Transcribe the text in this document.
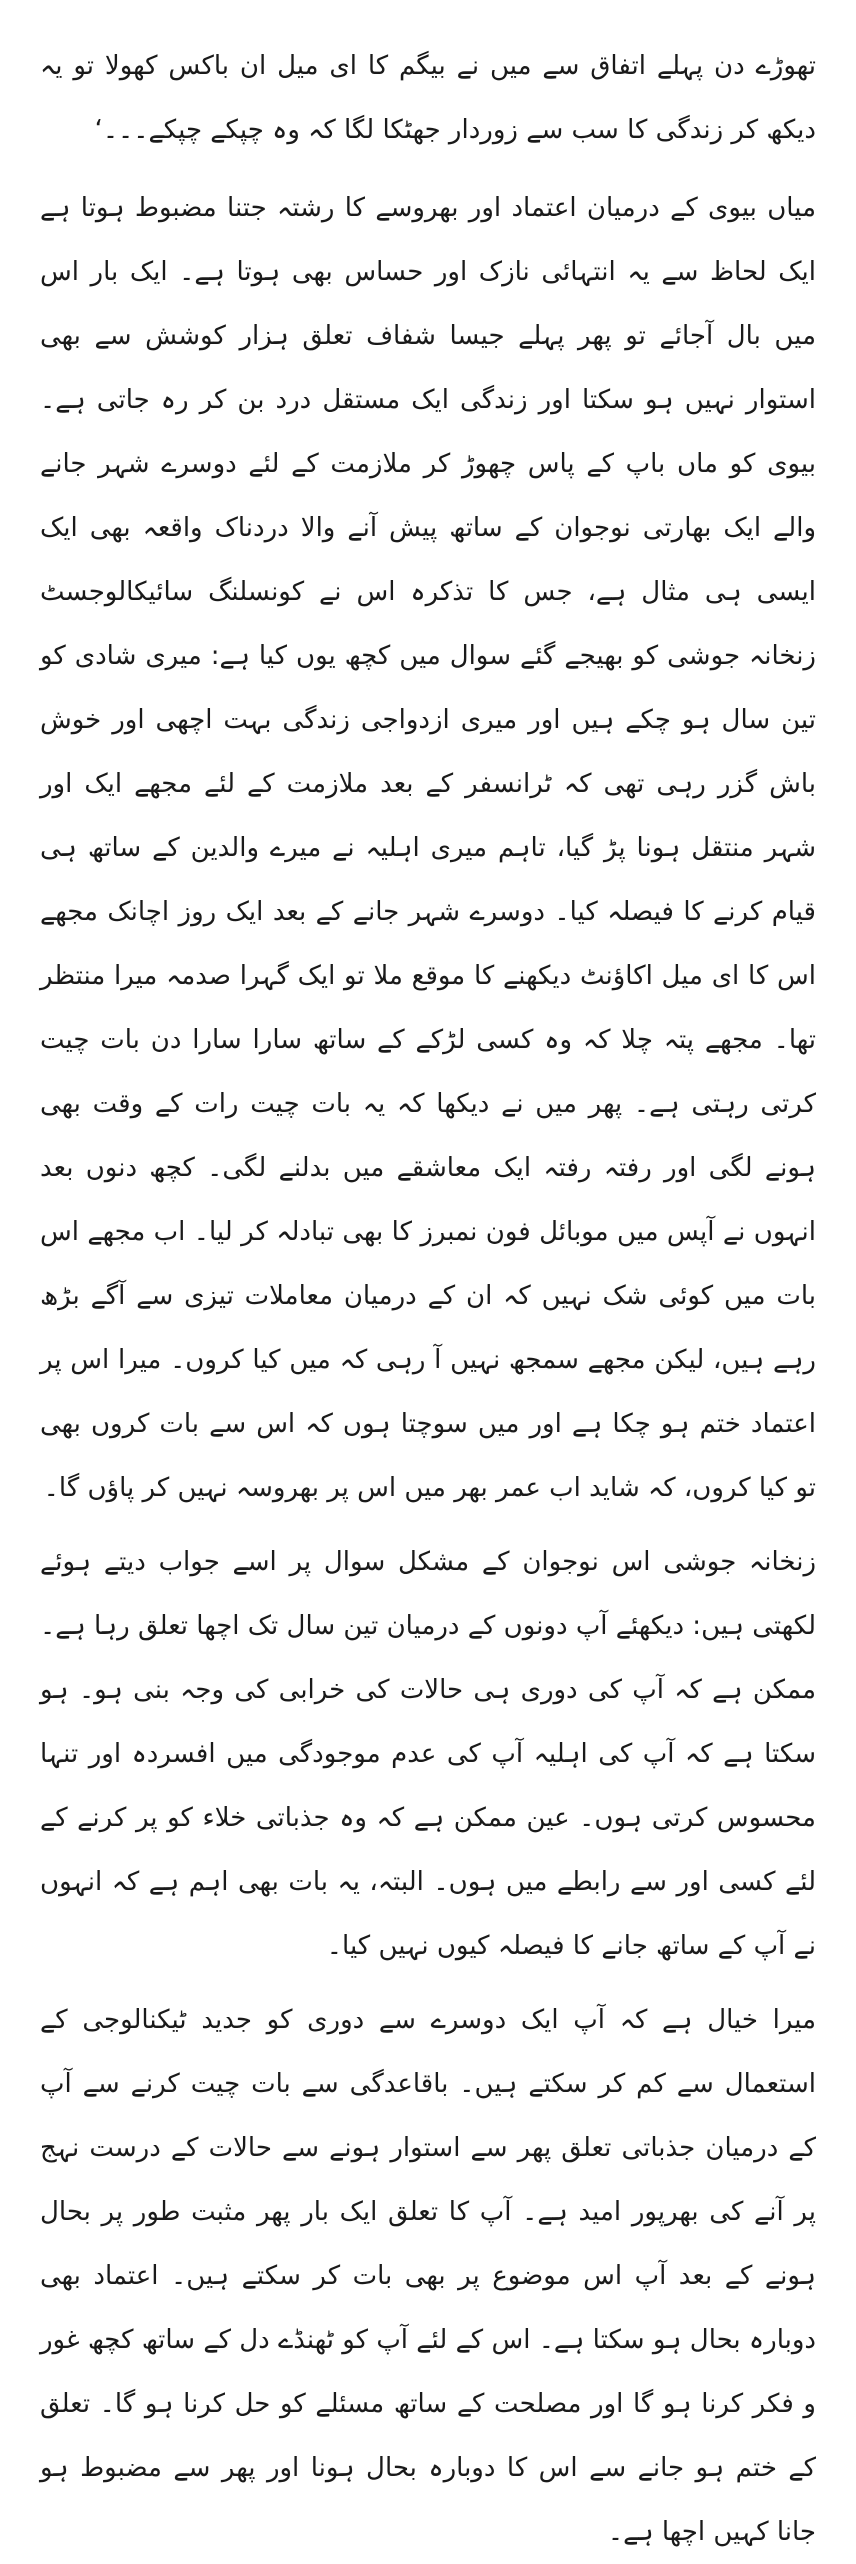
تھوڑے دن پہلے اتفاق سے میں نے بیگم کا ای میل ان باکس کھولا تو یہ دیکھ کر زندگی کا سب سے زوردار جھٹکا لگا کہ وہ چپکے چپکے۔۔۔‘

میاں بیوی کے درمیان اعتماد اور بھروسے کا رشتہ جتنا مضبوط ہوتا ہے ایک لحاظ سے یہ انتہائی نازک اور حساس بھی ہوتا ہے۔ ایک بار اس میں بال آجائے تو پھر پہلے جیسا شفاف تعلق ہزار کوشش سے بھی استوار نہیں ہو سکتا اور زندگی ایک مستقل درد بن کر رہ جاتی ہے۔ بیوی کو ماں باپ کے پاس چھوڑ کر ملازمت کے لئے دوسرے شہر جانے والے ایک بھارتی نوجوان کے ساتھ پیش آنے والا دردناک واقعہ بھی ایک ایسی ہی مثال ہے، جس کا تذکرہ اس نے کونسلنگ سائیکالوجسٹ زنخانہ جوشی کو بھیجے گئے سوال میں کچھ یوں کیا ہے: میری شادی کو تین سال ہو چکے ہیں اور میری ازدواجی زندگی بہت اچھی اور خوش باش گزر رہی تھی کہ ٹرانسفر کے بعد ملازمت کے لئے مجھے ایک اور شہر منتقل ہونا پڑ گیا، تاہم میری اہلیہ نے میرے والدین کے ساتھ ہی قیام کرنے کا فیصلہ کیا۔ دوسرے شہر جانے کے بعد ایک روز اچانک مجھے اس کا ای میل اکاؤنٹ دیکھنے کا موقع ملا تو ایک گہرا صدمہ میرا منتظر تھا۔ مجھے پتہ چلا کہ وہ کسی لڑکے کے ساتھ سارا سارا دن بات چیت کرتی رہتی ہے۔ پھر میں نے دیکھا کہ یہ بات چیت رات کے وقت بھی ہونے لگی اور رفتہ رفتہ ایک معاشقے میں بدلنے لگی۔ کچھ دنوں بعد انہوں نے آپس میں موبائل فون نمبرز کا بھی تبادلہ کر لیا۔ اب مجھے اس بات میں کوئی شک نہیں کہ ان کے درمیان معاملات تیزی سے آگے بڑھ رہے ہیں، لیکن مجھے سمجھ نہیں آ رہی کہ میں کیا کروں۔ میرا اس پر اعتماد ختم ہو چکا ہے اور میں سوچتا ہوں کہ اس سے بات کروں بھی تو کیا کروں، کہ شاید اب عمر بھر میں اس پر بھروسہ نہیں کر پاؤں گا۔

زنخانہ جوشی اس نوجوان کے مشکل سوال پر اسے جواب دیتے ہوئے لکھتی ہیں: دیکھئے آپ دونوں کے درمیان تین سال تک اچھا تعلق رہا ہے۔ ممکن ہے کہ آپ کی دوری ہی حالات کی خرابی کی وجہ بنی ہو۔ ہو سکتا ہے کہ آپ کی اہلیہ آپ کی عدم موجودگی میں افسردہ اور تنہا محسوس کرتی ہوں۔ عین ممکن ہے کہ وہ جذباتی خلاء کو پر کرنے کے لئے کسی اور سے رابطے میں ہوں۔ البتہ، یہ بات بھی اہم ہے کہ انہوں نے آپ کے ساتھ جانے کا فیصلہ کیوں نہیں کیا۔

میرا خیال ہے کہ آپ ایک دوسرے سے دوری کو جدید ٹیکنالوجی کے استعمال سے کم کر سکتے ہیں۔ باقاعدگی سے بات چیت کرنے سے آپ کے درمیان جذباتی تعلق پھر سے استوار ہونے سے حالات کے درست نہج پر آنے کی بھرپور امید ہے۔ آپ کا تعلق ایک بار پھر مثبت طور پر بحال ہونے کے بعد آپ اس موضوع پر بھی بات کر سکتے ہیں۔ اعتماد بھی دوبارہ بحال ہو سکتا ہے۔ اس کے لئے آپ کو ٹھنڈے دل کے ساتھ کچھ غور و فکر کرنا ہو گا اور مصلحت کے ساتھ مسئلے کو حل کرنا ہو گا۔ تعلق کے ختم ہو جانے سے اس کا دوبارہ بحال ہونا اور پھر سے مضبوط ہو جانا کہیں اچھا ہے۔
